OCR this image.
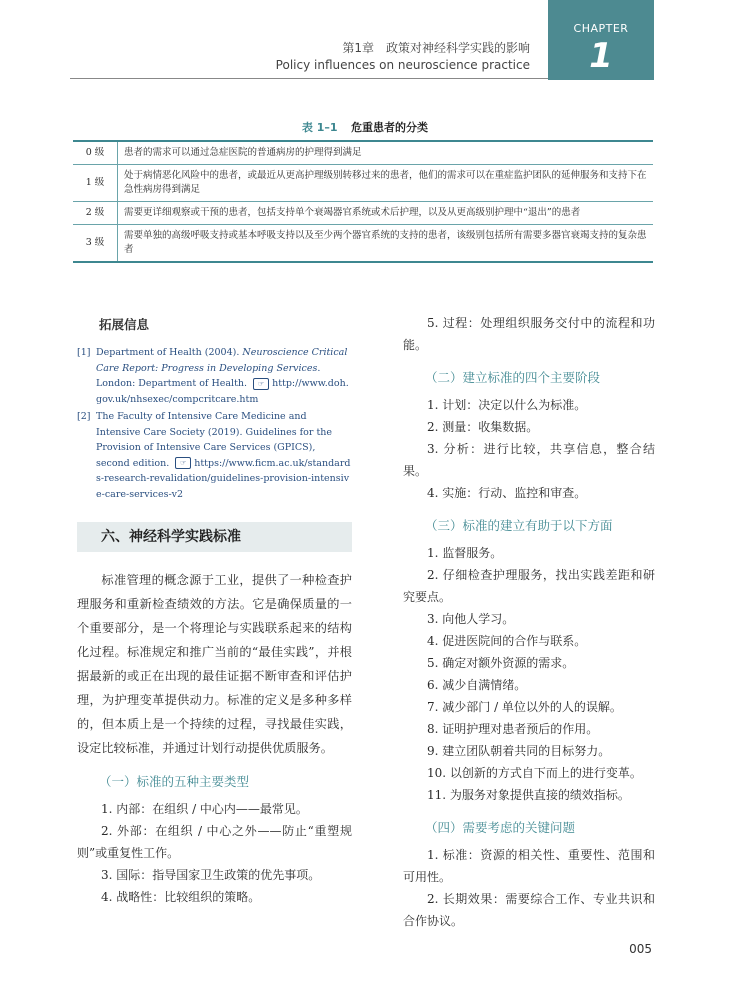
第1章　政策对神经科学实践的影响
Policy influences on neuroscience practice
CHAPTER
1
表 1–1 危重患者的分类
0 级	患者的需求可以通过急症医院的普通病房的护理得到满足
1 级	处于病情恶化风险中的患者，或最近从更高护理级别转移过来的患者，他们的需求可以在重症监护团队的延伸服务和支持下在急性病房得到满足
2 级	需要更详细观察或干预的患者，包括支持单个衰竭器官系统或术后护理，以及从更高级别护理中“退出”的患者
3 级	需要单独的高级呼吸支持或基本呼吸支持以及至少两个器官系统的支持的患者，该级别包括所有需要多器官衰竭支持的复杂患者
拓展信息
[1] Department of Health (2004). Neuroscience Critical Care Report: Progress in Developing Services. London: Department of Health. ☞ http://www.doh.gov.uk/nhsexec/compcritcare.htm
[2] The Faculty of Intensive Care Medicine and Intensive Care Society (2019). Guidelines for the Provision of Intensive Care Services (GPICS), second edition. ☞ https://www.ficm.ac.uk/standards-research-revalidation/guidelines-provision-intensive-care-services-v2
六、神经科学实践标准
标准管理的概念源于工业，提供了一种检查护理服务和重新检查绩效的方法。它是确保质量的一个重要部分，是一个将理论与实践联系起来的结构化过程。标准规定和推广当前的“最佳实践”，并根据最新的或正在出现的最佳证据不断审查和评估护理，为护理变革提供动力。标准的定义是多种多样的，但本质上是一个持续的过程，寻找最佳实践，设定比较标准，并通过计划行动提供优质服务。
（一）标准的五种主要类型
1. 内部：在组织 / 中心内——最常见。
2. 外部：在组织 / 中心之外——防止“重塑规则”或重复性工作。
3. 国际：指导国家卫生政策的优先事项。
4. 战略性：比较组织的策略。
5. 过程：处理组织服务交付中的流程和功能。
（二）建立标准的四个主要阶段
1. 计划：决定以什么为标准。
2. 测量：收集数据。
3. 分析：进行比较，共享信息，整合结果。
4. 实施：行动、监控和审查。
（三）标准的建立有助于以下方面
1. 监督服务。
2. 仔细检查护理服务，找出实践差距和研究要点。
3. 向他人学习。
4. 促进医院间的合作与联系。
5. 确定对额外资源的需求。
6. 减少自满情绪。
7. 减少部门 / 单位以外的人的误解。
8. 证明护理对患者预后的作用。
9. 建立团队朝着共同的目标努力。
10. 以创新的方式自下而上的进行变革。
11. 为服务对象提供直接的绩效指标。
（四）需要考虑的关键问题
1. 标准：资源的相关性、重要性、范围和可用性。
2. 长期效果：需要综合工作、专业共识和合作协议。
005
